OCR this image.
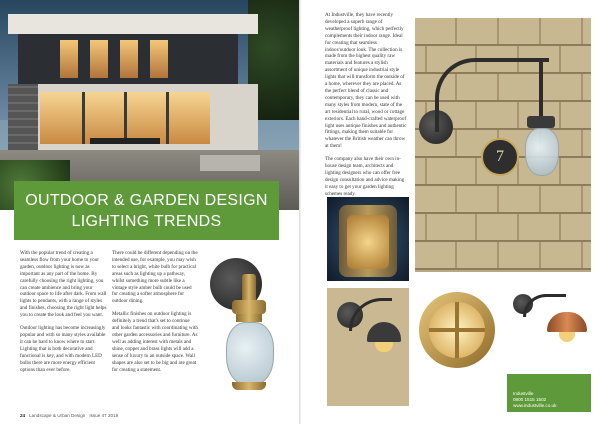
OUTDOOR & GARDEN DESIGN
LIGHTING TRENDS

With the popular trend of creating a seamless flow from your home to your garden, outdoor lighting is now as important as any part of the home. By carefully choosing the right lighting, you can create ambience and bring your outdoor space to life after dark. From wall lights to pendants, with a range of styles and finishes, choosing the right light helps you to create the look and feel you want.

Outdoor lighting has become increasingly popular and with so many styles available it can be hard to know where to start. Lighting that is both decorative and functional is key, and with modern LED bulbs there are more energy efficient options than ever before.

There could be different depending on the intended use, for example, you may wish to select a bright, white bulb for practical areas such as lighting up a pathway, whilst something more subtle like a vintage style amber bulb could be used for creating a softer atmosphere for outdoor dining.

Metallic finishes on outdoor lighting is definitely a trend that's set to continue and looks fantastic with coordinating with other garden accessories and furniture. As well as adding interest with metals and shine, copper and brass lights will add a sense of luxury to an outside space. Wall shapes are also set to be big and are great for creating a statement.

24 Landscape & Urban Design Issue 47 2019

At Industville, they have recently developed a superb range of weatherproof lighting, which perfectly complements their indoor range. Ideal for creating that seamless indoor/outdoor look. The collection is made from the highest quality raw materials and features a stylish assortment of unique industrial style lights that will transform the outside of a home, wherever they are placed. As the perfect blend of classic and contemporary, they can be used with many styles from modern, state of the art residential to rural, wood or cottage exteriors. Each hand-crafted waterproof light uses antique finishes and authentic fittings, making them suitable for whatever the British weather can throw at them!

The company also have their own in-house design team, architects and lighting designers who can offer free design consultation and advice making it easy to get your garden lighting schemes ready.

7
Industville
0800 1515 1502
www.industville.co.uk
